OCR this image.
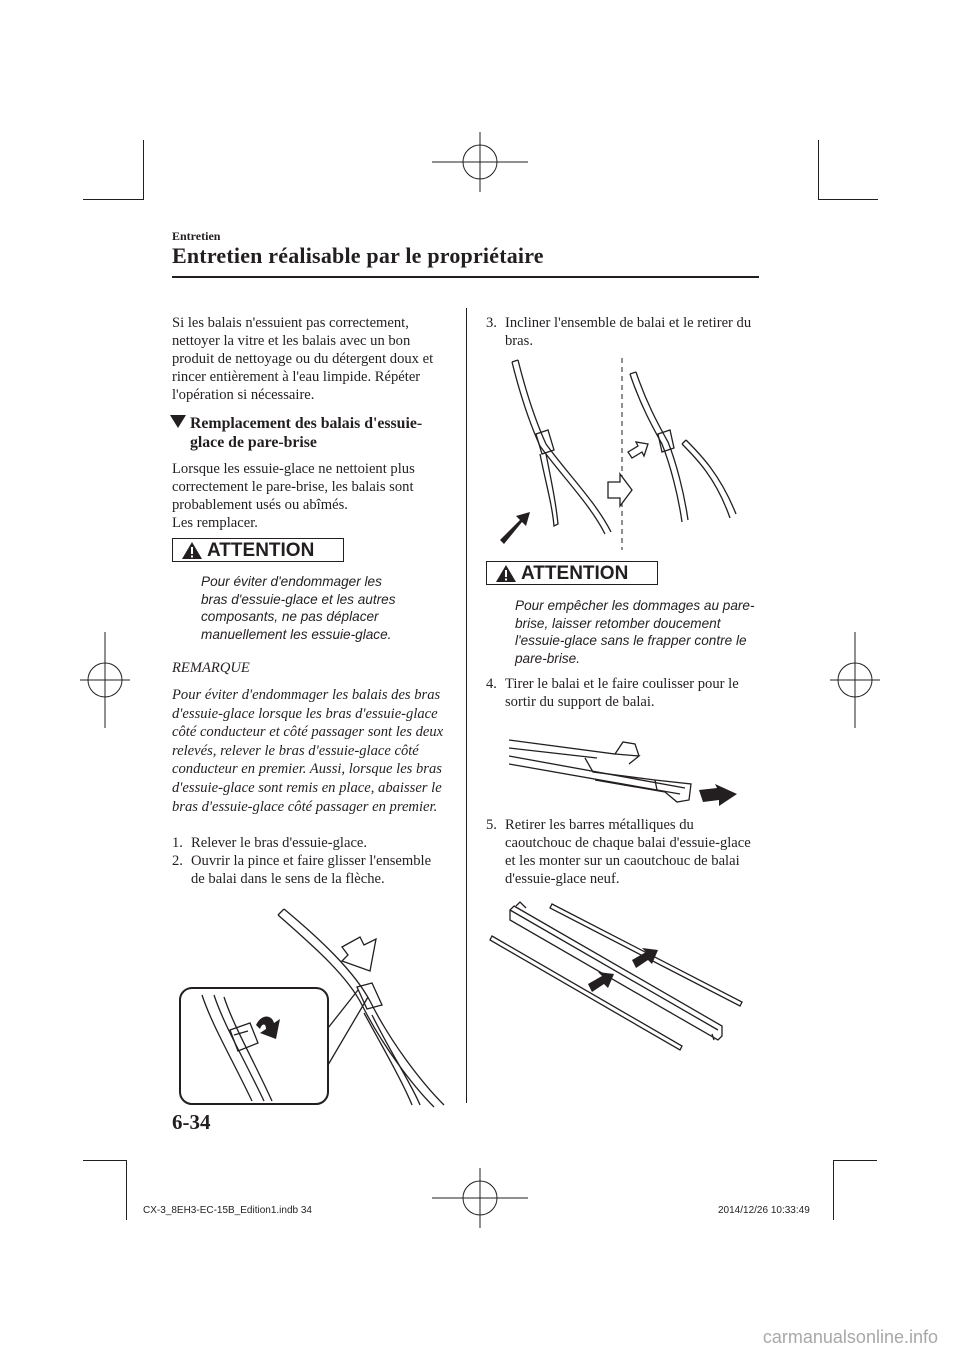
Entretien
Entretien réalisable par le propriétaire

Si les balais n'essuient pas correctement, nettoyer la vitre et les balais avec un bon produit de nettoyage ou du détergent doux et rincer entièrement à l'eau limpide. Répéter l'opération si nécessaire.

Remplacement des balais d'essuie-
glace de pare-brise

Lorsque les essuie-glace ne nettoient plus correctement le pare-brise, les balais sont probablement usés ou abîmés.

Les remplacer.

ATTENTION

Pour éviter d'endommager les bras d'essuie-glace et les autres composants, ne pas déplacer manuellement les essuie-glace.

REMARQUE

Pour éviter d'endommager les balais des bras d'essuie-glace lorsque les bras d'essuie-glace côté conducteur et côté passager sont les deux relevés, relever le bras d'essuie-glace côté conducteur en premier. Aussi, lorsque les bras d'essuie-glace sont remis en place, abaisser le bras d'essuie-glace côté passager en premier.

1. Relever le bras d'essuie-glace.
2. Ouvrir la pince et faire glisser l'ensemble de balai dans le sens de la flèche.
3. Incliner l'ensemble de balai et le retirer du bras.
ATTENTION

Pour empêcher les dommages au pare-brise, laisser retomber doucement l'essuie-glace sans le frapper contre le pare-brise.

4. Tirer le balai et le faire coulisser pour le sortir du support de balai.
5. Retirer les barres métalliques du caoutchouc de chaque balai d'essuie-glace et les monter sur un caoutchouc de balai d'essuie-glace neuf.
6-34
CX-3_8EH3-EC-15B_Edition1.indb 34	2014/12/26 10:33:49
carmanualsonline.info
